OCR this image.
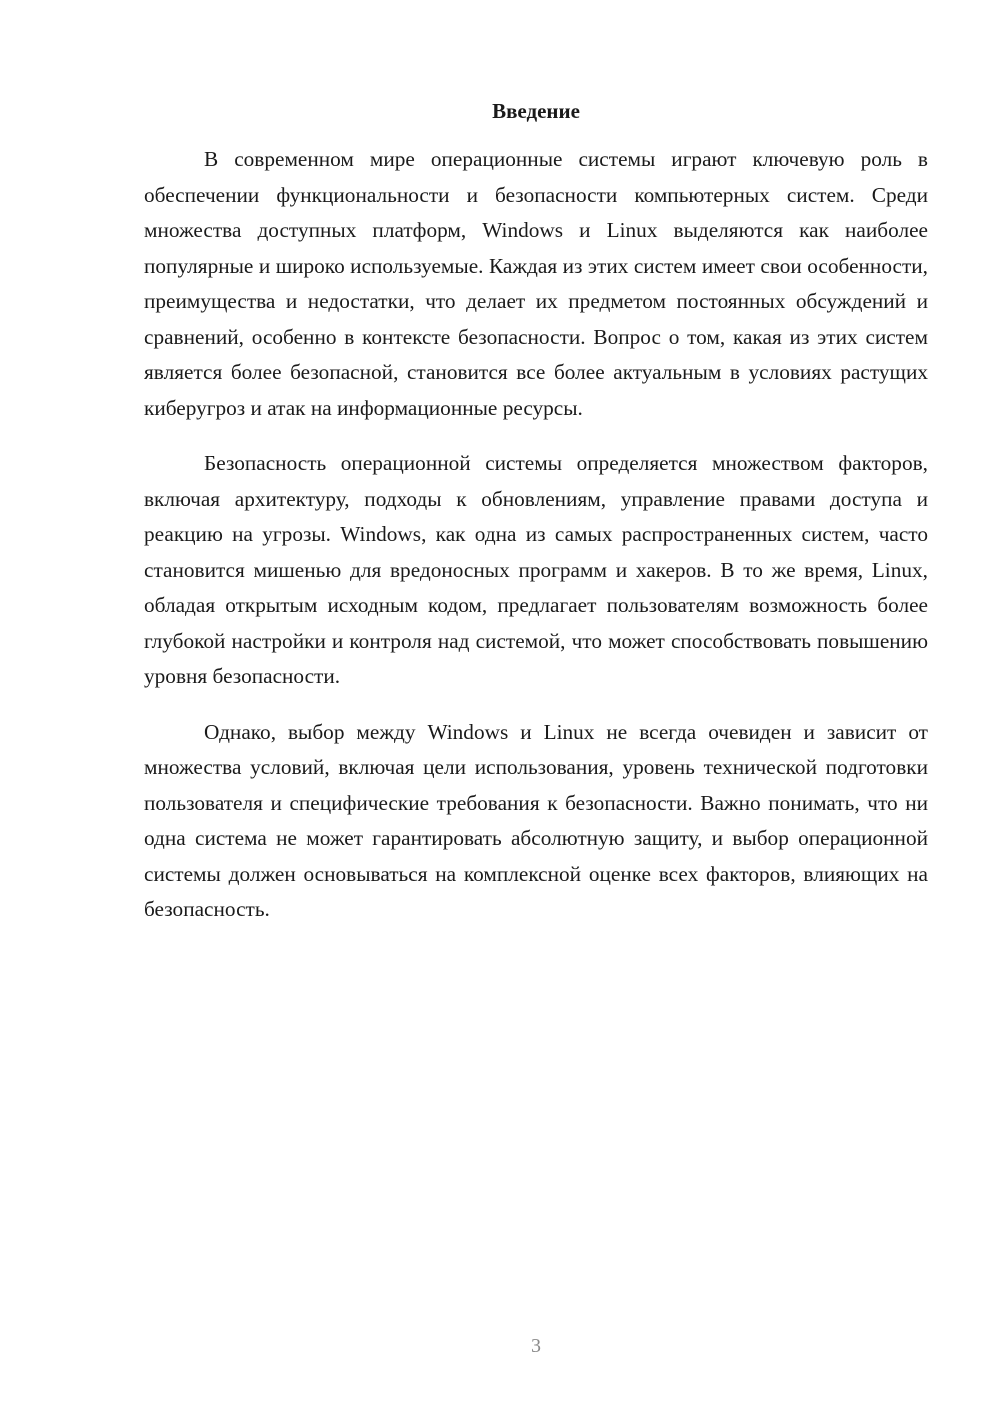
Введение

В современном мире операционные системы играют ключевую роль в обеспечении функциональности и безопасности компьютерных систем. Среди множества доступных платформ, Windows и Linux выделяются как наиболее популярные и широко используемые. Каждая из этих систем имеет свои особенности, преимущества и недостатки, что делает их предметом постоянных обсуждений и сравнений, особенно в контексте безопасности. Вопрос о том, какая из этих систем является более безопасной, становится все более актуальным в условиях растущих киберугроз и атак на информационные ресурсы.

Безопасность операционной системы определяется множеством факторов, включая архитектуру, подходы к обновлениям, управление правами доступа и реакцию на угрозы. Windows, как одна из самых распространенных систем, часто становится мишенью для вредоносных программ и хакеров. В то же время, Linux, обладая открытым исходным кодом, предлагает пользователям возможность более глубокой настройки и контроля над системой, что может способствовать повышению уровня безопасности.

Однако, выбор между Windows и Linux не всегда очевиден и зависит от множества условий, включая цели использования, уровень технической подготовки пользователя и специфические требования к безопасности. Важно понимать, что ни одна система не может гарантировать абсолютную защиту, и выбор операционной системы должен основываться на комплексной оценке всех факторов, влияющих на безопасность.

3
